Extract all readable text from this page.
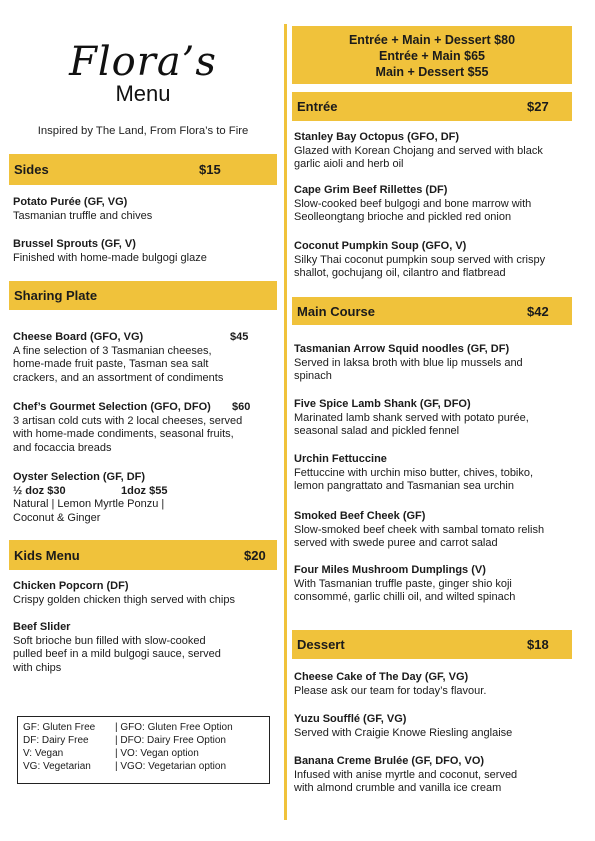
Flora’s
Menu
Inspired by The Land, From Flora’s to Fire
Entrée + Main + Dessert $80
Entrée + Main $65
Main + Dessert $55
Sides	$15
Potato Purée (GF, VG)
Tasmanian truffle and chives
Brussel Sprouts (GF, V)
Finished with home-made bulgogi glaze
Sharing Plate
Cheese Board (GFO, VG)	$45
A fine selection of 3 Tasmanian cheeses,
home-made fruit paste, Tasman sea salt
crackers, and an assortment of condiments
Chef’s Gourmet Selection (GFO, DFO)	$60
3 artisan cold cuts with 2 local cheeses, served
with home-made condiments, seasonal fruits,
and focaccia breads
Oyster Selection (GF, DF)
½ doz $30	1doz $55
Natural | Lemon Myrtle Ponzu |
Coconut & Ginger
Kids Menu	$20
Chicken Popcorn (DF)
Crispy golden chicken thigh served with chips
Beef Slider
Soft brioche bun filled with slow-cooked
pulled beef in a mild bulgogi sauce, served
with chips
GF: Gluten Free	| GFO: Gluten Free Option
DF: Dairy Free	| DFO: Dairy Free Option
V: Vegan	| VO: Vegan option
VG: Vegetarian	| VGO: Vegetarian option
Entrée	$27
Stanley Bay Octopus (GFO, DF)
Glazed with Korean Chojang and served with black
garlic aioli and herb oil
Cape Grim Beef Rillettes (DF)
Slow-cooked beef bulgogi and bone marrow with
Seolleongtang brioche and pickled red onion
Coconut Pumpkin Soup (GFO, V)
Silky Thai coconut pumpkin soup served with crispy
shallot, gochujang oil, cilantro and flatbread
Main Course	$42
Tasmanian Arrow Squid noodles (GF, DF)
Served in laksa broth with blue lip mussels and
spinach
Five Spice Lamb Shank (GF, DFO)
Marinated lamb shank served with potato purée,
seasonal salad and pickled fennel
Urchin Fettuccine
Fettuccine with urchin miso butter, chives, tobiko,
lemon pangrattato and Tasmanian sea urchin
Smoked Beef Cheek (GF)
Slow-smoked beef cheek with sambal tomato relish
served with swede puree and carrot salad
Four Miles Mushroom Dumplings (V)
With Tasmanian truffle paste, ginger shio koji
consommé, garlic chilli oil, and wilted spinach
Dessert	$18
Cheese Cake of The Day (GF, VG)
Please ask our team for today’s flavour.
Yuzu Soufflé (GF, VG)
Served with Craigie Knowe Riesling anglaise
Banana Creme Brulée (GF, DFO, VO)
Infused with anise myrtle and coconut, served
with almond crumble and vanilla ice cream
